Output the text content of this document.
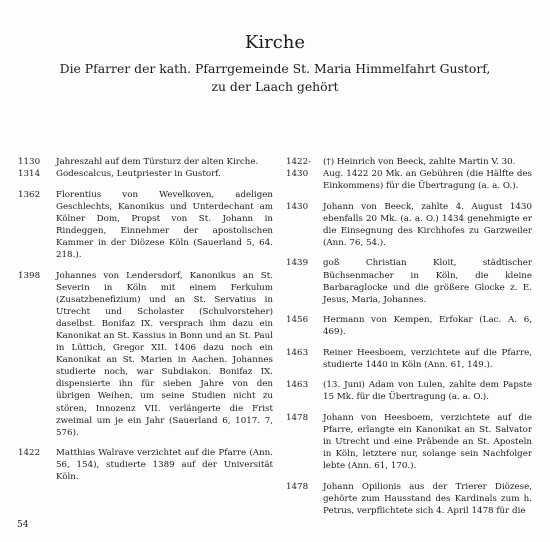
Kirche
Die Pfarrer der kath. Pfarrgemeinde St. Maria Himmelfahrt Gustorf,
zu der Laach gehört
1130	Jahreszahl auf dem Türsturz der alten Kirche.
1314	Godescalcus, Leutpriester in Gustorf.
1362	Florentius von Wevelkoven, adeligen Geschlechts, Kanonikus und Unterdechant am Kölner Dom, Propst von St. Johann in Rindeggen, Einnehmer der apostolischen Kammer in der Diözese Köln (Sauerland 5, 64. 218.).
1398	Johannes von Lendersdorf, Kanonikus an St. Severin in Köln mit einem Ferkulum (Zusatzbenefizium) und an St. Servatius in Utrecht und Scholaster (Schulvorsteher) daselbst. Bonifaz IX. versprach ihm dazu ein Kanonikat an St. Kassius in Bonn und an St. Paul in Lüttich, Gregor XII. 1406 dazu noch ein Kanonikat an St. Marien in Aachen. Johannes studierte noch, war Subdiakon. Bonifaz IX. dispensierte ihn für sieben Jahre von den übrigen Weihen, um seine Studien nicht zu stören, Innozenz VII. verlängerte die Frist zweimal um je ein Jahr (Sauerland 6, 1017. 7, 576).
1422	Matthias Walrave verzichtet auf die Pfarre (Ann. 56, 154), studierte 1389 auf der Universität Köln.
1422-	(†) Heinrich von Beeck, zahlte Martin V. 30.
1430	Aug. 1422 20 Mk. an Gebühren (die Hälfte des Einkommens) für die Übertragung (a. a. O.).
1430	Johann von Beeck, zahlte 4. August 1430 ebenfalls 20 Mk. (a. a. O.) 1434 genehmigte er die Einsegnung des Kirchhofes zu Garzweiler (Ann. 76, 54.).
1439	goß Christian Kloit, städtischer Büchsenmacher in Köln, die kleine Barbaraglocke und die größere Glocke z. E. Jesus, Maria, Johannes.
1456	Hermann von Kempen, Erfokar (Lac. A. 6, 469).
1463	Reiner Heesboem, verzichtete auf die Pfarre, studierte 1440 in Köln (Ann. 61, 149.).
1463	(13. Juni) Adam von Lulen, zahlte dem Papste 15 Mk. für die Übertragung (a. a. O.).
1478	Johann von Heesboem, verzichtete auf die Pfarre, erlangte ein Kanonikat an St. Salvator in Utrecht und eine Präbende an St. Aposteln in Köln, letztere nur, solange sein Nachfolger lebte (Ann. 61, 170.).
1478	Johann Opilionis aus der Trierer Diözese, gehörte zum Hausstand des Kardinals zum h. Petrus, verpflichtete sich 4. April 1478 für die
54
